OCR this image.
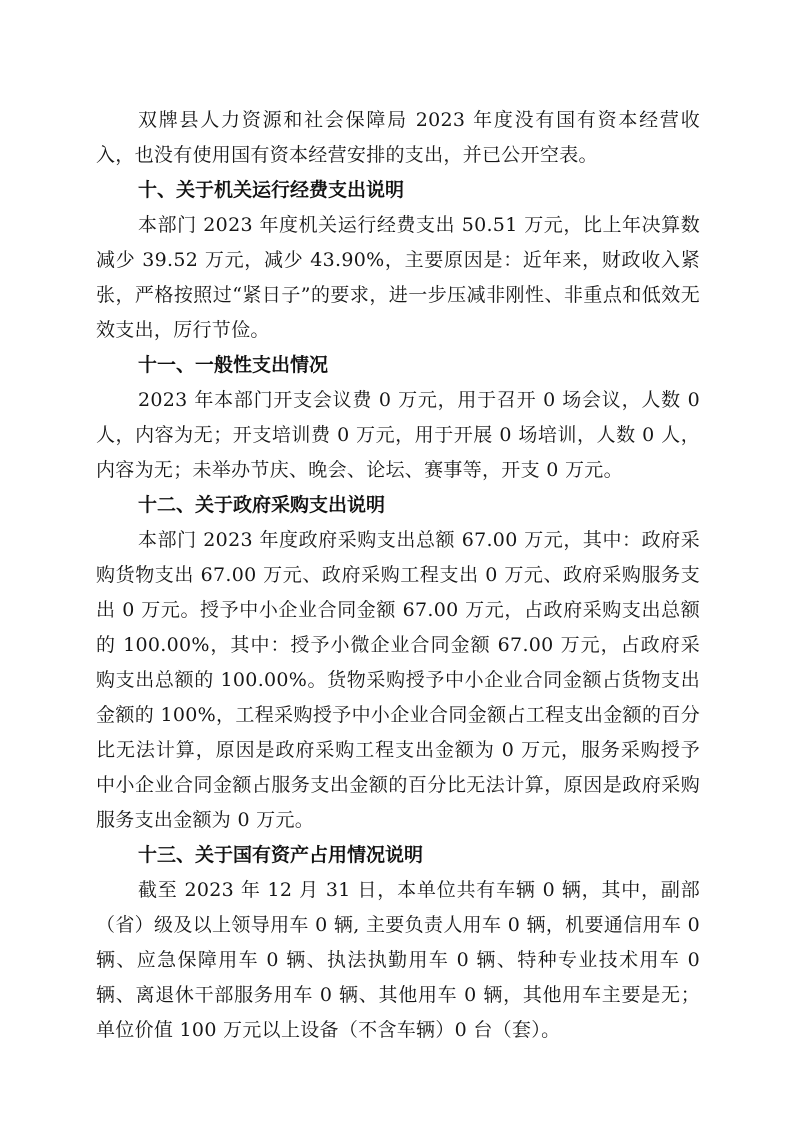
双牌县人力资源和社会保障局 2023 年度没有国有资本经营收入，也没有使用国有资本经营安排的支出，并已公开空表。

十、关于机关运行经费支出说明

本部门 2023 年度机关运行经费支出 50.51 万元，比上年决算数减少 39.52 万元，减少 43.90%，主要原因是：近年来，财政收入紧张，严格按照过“紧日子”的要求，进一步压减非刚性、非重点和低效无效支出，厉行节俭。

十一、一般性支出情况

2023 年本部门开支会议费 0 万元，用于召开 0 场会议，人数 0 人，内容为无；开支培训费 0 万元，用于开展 0 场培训，人数 0 人，内容为无；未举办节庆、晚会、论坛、赛事等，开支 0 万元。

十二、关于政府采购支出说明

本部门 2023 年度政府采购支出总额 67.00 万元，其中：政府采购货物支出 67.00 万元、政府采购工程支出 0 万元、政府采购服务支出 0 万元。授予中小企业合同金额 67.00 万元，占政府采购支出总额的 100.00%，其中：授予小微企业合同金额 67.00 万元，占政府采购支出总额的 100.00%。货物采购授予中小企业合同金额占货物支出金额的 100%，工程采购授予中小企业合同金额占工程支出金额的百分比无法计算，原因是政府采购工程支出金额为 0 万元，服务采购授予中小企业合同金额占服务支出金额的百分比无法计算，原因是政府采购服务支出金额为 0 万元。

十三、关于国有资产占用情况说明

截至 2023 年 12 月 31 日，本单位共有车辆 0 辆，其中，副部（省）级及以上领导用车 0 辆, 主要负责人用车 0 辆，机要通信用车 0 辆、应急保障用车 0 辆、执法执勤用车 0 辆、特种专业技术用车 0 辆、离退休干部服务用车 0 辆、其他用车 0 辆，其他用车主要是无；单位价值 100 万元以上设备（不含车辆）0 台（套）。
